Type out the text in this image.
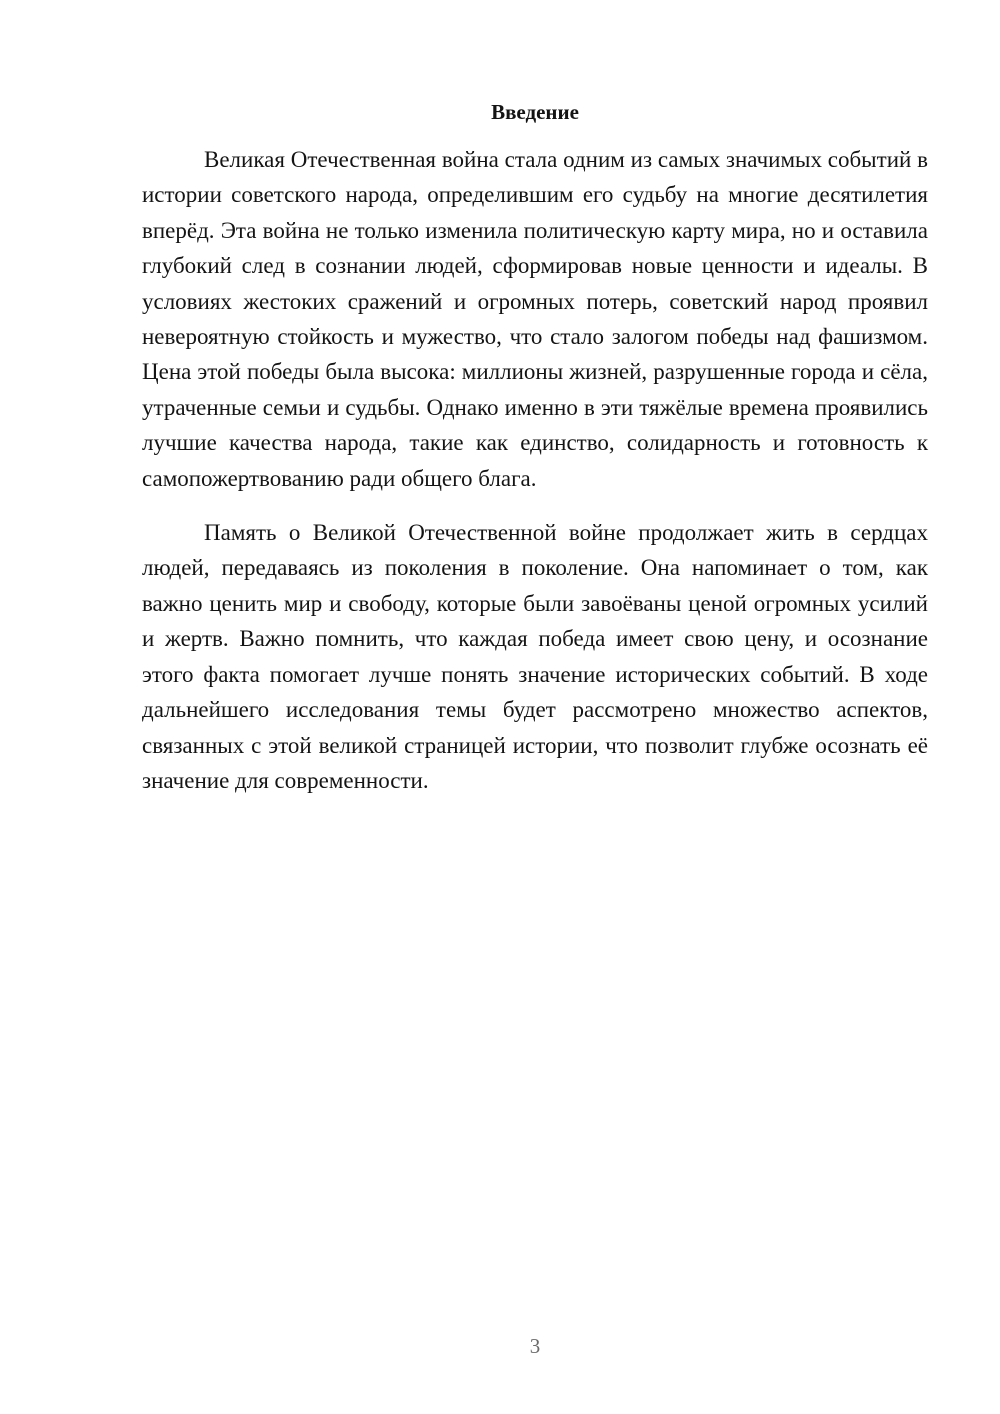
Введение

Великая Отечественная война стала одним из самых значимых событий в истории советского народа, определившим его судьбу на многие десятилетия вперёд. Эта война не только изменила политическую карту мира, но и оставила глубокий след в сознании людей, сформировав новые ценности и идеалы. В условиях жестоких сражений и огромных потерь, советский народ проявил невероятную стойкость и мужество, что стало залогом победы над фашизмом. Цена этой победы была высока: миллионы жизней, разрушенные города и сёла, утраченные семьи и судьбы. Однако именно в эти тяжёлые времена проявились лучшие качества народа, такие как единство, солидарность и готовность к самопожертвованию ради общего блага.

Память о Великой Отечественной войне продолжает жить в сердцах людей, передаваясь из поколения в поколение. Она напоминает о том, как важно ценить мир и свободу, которые были завоёваны ценой огромных усилий и жертв. Важно помнить, что каждая победа имеет свою цену, и осознание этого факта помогает лучше понять значение исторических событий. В ходе дальнейшего исследования темы будет рассмотрено множество аспектов, связанных с этой великой страницей истории, что позволит глубже осознать её значение для современности.

3
